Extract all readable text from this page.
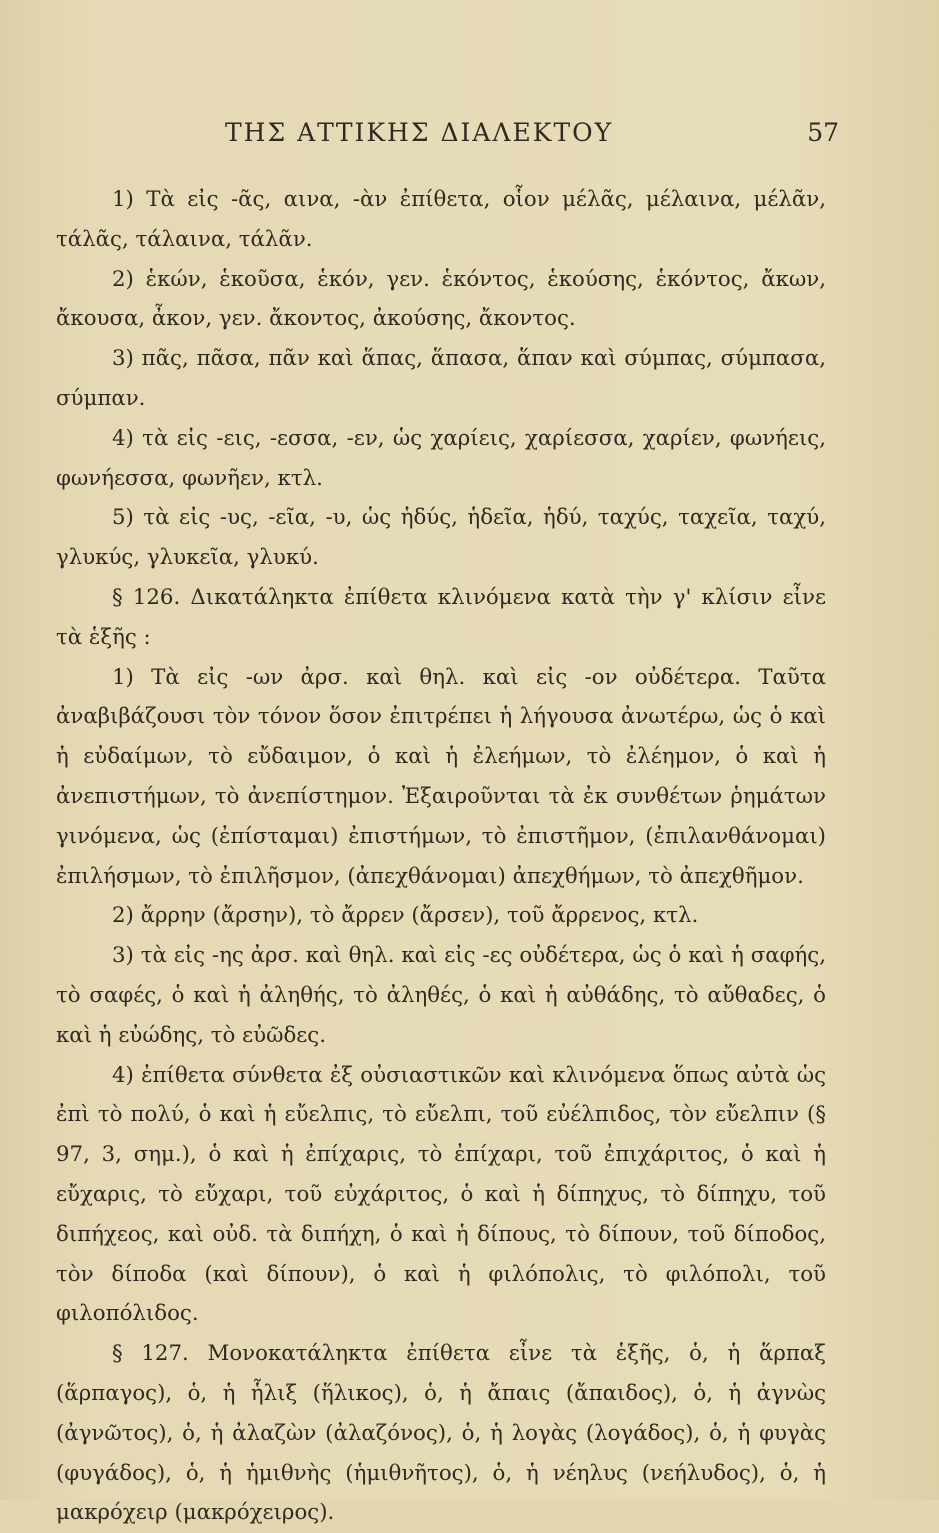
ΤΗΣ ΑΤΤΙΚΗΣ ΔΙΑΛΕΚΤΟΥ	57

1) Τὰ εἰς -ᾶς, αινα, -ὰν ἐπίθετα, οἷον μέλᾶς, μέλαινα, μέλᾶν, τάλᾶς, τάλαινα, τάλᾶν.

2) ἑκών, ἑκοῦσα, ἑκόν, γεν. ἑκόντος, ἑκούσης, ἑκόντος, ἄκων, ἄκουσα, ἆκον, γεν. ἄκοντος, ἀκούσης, ἄκοντος.

3) πᾶς, πᾶσα, πᾶν καὶ ἅπας, ἅπασα, ἅπαν καὶ σύμπας, σύμπασα, σύμπαν.

4) τὰ εἰς -εις, -εσσα, -εν, ὡς χαρίεις, χαρίεσσα, χαρίεν, φωνήεις, φωνήεσσα, φωνῆεν, κτλ.

5) τὰ εἰς -υς, -εῖα, -υ, ὡς ἡδύς, ἡδεῖα, ἡδύ, ταχύς, ταχεῖα, ταχύ, γλυκύς, γλυκεῖα, γλυκύ.

§ 126. Δικατάληκτα ἐπίθετα κλινόμενα κατὰ τὴν γ' κλίσιν εἶνε τὰ ἑξῆς :

1) Τὰ εἰς -ων ἀρσ. καὶ θηλ. καὶ εἰς -ον οὐδέτερα. Ταῦτα ἀναβιβάζουσι τὸν τόνον ὅσον ἐπιτρέπει ἡ λήγουσα ἀνωτέρω, ὡς ὁ καὶ ἡ εὐδαίμων, τὸ εὔδαιμον, ὁ καὶ ἡ ἐλεήμων, τὸ ἐλέημον, ὁ καὶ ἡ ἀνεπιστήμων, τὸ ἀνεπίστημον. Ἐξαιροῦνται τὰ ἐκ συνθέτων ῥημάτων γινόμενα, ὡς (ἐπίσταμαι) ἐπιστήμων, τὸ ἐπιστῆμον, (ἐπιλανθάνομαι) ἐπιλήσμων, τὸ ἐπιλῆσμον, (ἀπεχθάνομαι) ἀπεχθήμων, τὸ ἀπεχθῆμον.

2) ἄρρην (ἄρσην), τὸ ἄρρεν (ἄρσεν), τοῦ ἄρρενος, κτλ.

3) τὰ εἰς -ης ἀρσ. καὶ θηλ. καὶ εἰς -ες οὐδέτερα, ὡς ὁ καὶ ἡ σαφής, τὸ σαφές, ὁ καὶ ἡ ἀληθής, τὸ ἀληθές, ὁ καὶ ἡ αὐθάδης, τὸ αὔθαδες, ὁ καὶ ἡ εὐώδης, τὸ εὐῶδες.

4) ἐπίθετα σύνθετα ἐξ οὐσιαστικῶν καὶ κλινόμενα ὅπως αὐτὰ ὡς ἐπὶ τὸ πολύ, ὁ καὶ ἡ εὔελπις, τὸ εὔελπι, τοῦ εὐέλπιδος, τὸν εὔελπιν (§ 97, 3, σημ.), ὁ καὶ ἡ ἐπίχαρις, τὸ ἐπίχαρι, τοῦ ἐπιχάριτος, ὁ καὶ ἡ εὔχαρις, τὸ εὔχαρι, τοῦ εὐχάριτος, ὁ καὶ ἡ δίπηχυς, τὸ δίπηχυ, τοῦ διπήχεος, καὶ οὐδ. τὰ διπήχη, ὁ καὶ ἡ δίπους, τὸ δίπουν, τοῦ δίποδος, τὸν δίποδα (καὶ δίπουν), ὁ καὶ ἡ φιλόπολις, τὸ φιλόπολι, τοῦ φιλοπόλιδος.

§ 127. Μονοκατάληκτα ἐπίθετα εἶνε τὰ ἑξῆς, ὁ, ἡ ἅρπαξ (ἅρπαγος), ὁ, ἡ ἧλιξ (ἥλικος), ὁ, ἡ ἄπαις (ἄπαιδος), ὁ, ἡ ἀγνὼς (ἀγνῶτος), ὁ, ἡ ἀλαζὼν (ἀλαζόνος), ὁ, ἡ λογὰς (λογάδος), ὁ, ἡ φυγὰς (φυγάδος), ὁ, ἡ ἡμιθνὴς (ἡμιθνῆτος), ὁ, ἡ νέηλυς (νεήλυδος), ὁ, ἡ μακρόχειρ (μακρόχειρος).
